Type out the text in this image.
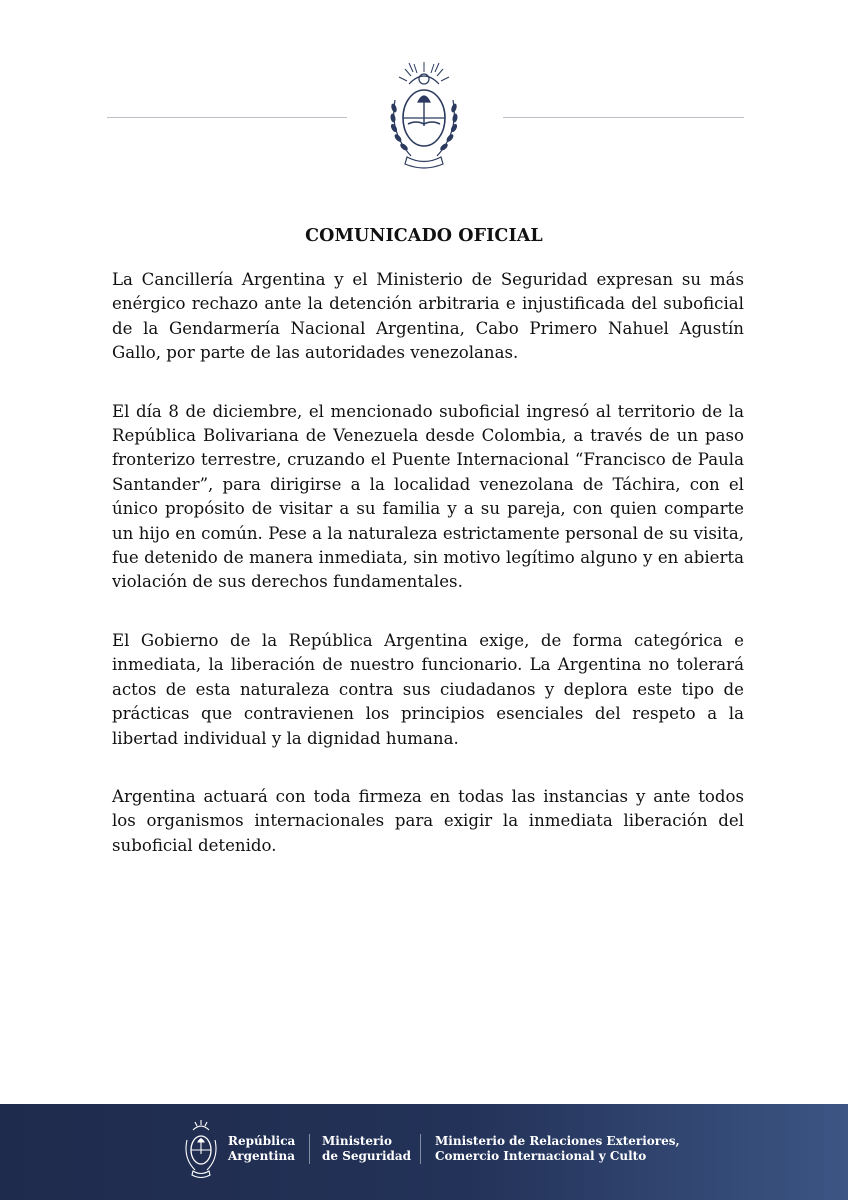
COMUNICADO OFICIAL

La Cancillería Argentina y el Ministerio de Seguridad expresan su más enérgico rechazo ante la detención arbitraria e injustificada del suboficial de la Gendarmería Nacional Argentina, Cabo Primero Nahuel Agustín Gallo, por parte de las autoridades venezolanas.

El día 8 de diciembre, el mencionado suboficial ingresó al territorio de la República Bolivariana de Venezuela desde Colombia, a través de un paso fronterizo terrestre, cruzando el Puente Internacional “Francisco de Paula Santander”, para dirigirse a la localidad venezolana de Táchira, con el único propósito de visitar a su familia y a su pareja, con quien comparte un hijo en común. Pese a la naturaleza estrictamente personal de su visita, fue detenido de manera inmediata, sin motivo legítimo alguno y en abierta violación de sus derechos fundamentales.

El Gobierno de la República Argentina exige, de forma categórica e inmediata, la liberación de nuestro funcionario. La Argentina no tolerará actos de esta naturaleza contra sus ciudadanos y deplora este tipo de prácticas que contravienen los principios esenciales del respeto a la libertad individual y la dignidad humana.

Argentina actuará con toda firmeza en todas las instancias y ante todos los organismos internacionales para exigir la inmediata liberación del suboficial detenido.

República
Argentina
Ministerio
de Seguridad
Ministerio de Relaciones Exteriores,
Comercio Internacional y Culto
